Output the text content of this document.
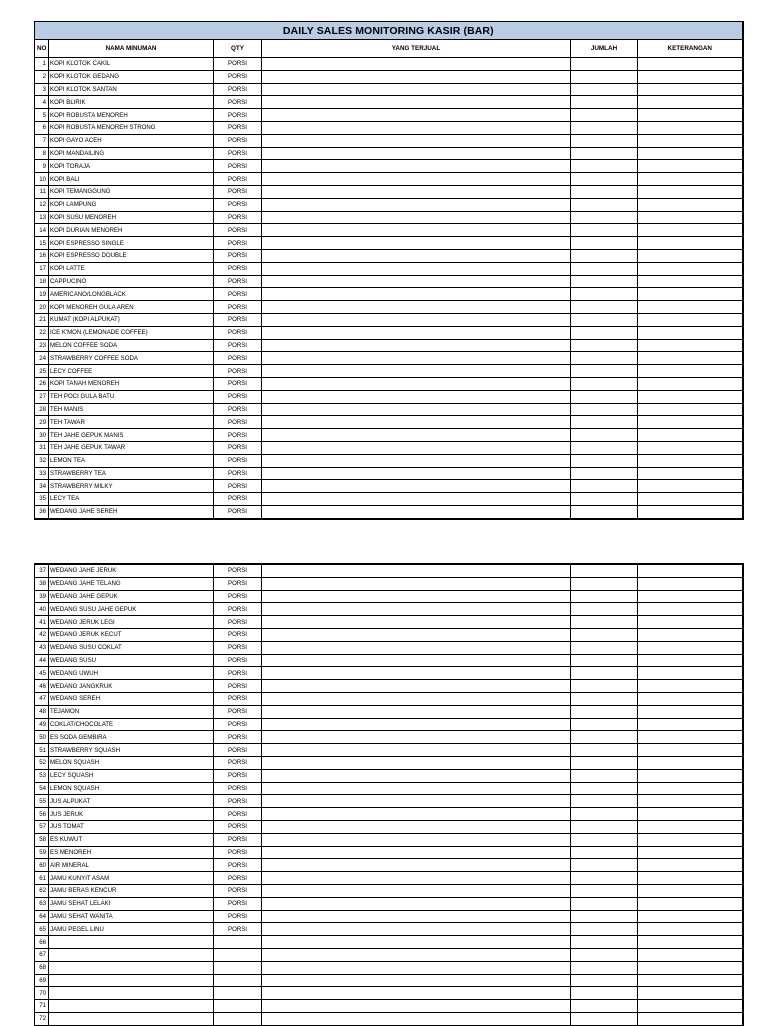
DAILY SALES MONITORING KASIR (BAR)					
NO	NAMA MINUMAN	QTY	YANG TERJUAL	JUMLAH	KETERANGAN
1	KOPI KLOTOK CAKIL	PORSI			
2	KOPI KLOTOK GEDANG	PORSI			
3	KOPI KLOTOK SANTAN	PORSI			
4	KOPI BLIRIK	PORSI			
5	KOPI ROBUSTA MENOREH	PORSI			
6	KOPI ROBUSTA MENOREH STRONG	PORSI			
7	KOPI GAYO ACEH	PORSI			
8	KOPI MANDAILING	PORSI			
9	KOPI TORAJA	PORSI			
10	KOPI BALI	PORSI			
11	KOPI TEMANGGUNG	PORSI			
12	KOPI LAMPUNG	PORSI			
13	KOPI SUSU MENOREH	PORSI			
14	KOPI DURIAN MENOREH	PORSI			
15	KOPI ESPRESSO SINGLE	PORSI			
16	KOPI ESPRESSO DOUBLE	PORSI			
17	KOPI LATTE	PORSI			
18	CAPPUCINO	PORSI			
19	AMERICANO/LONGBLACK	PORSI			
20	KOPI MENOREH GULA AREN	PORSI			
21	KUMAT (KOPI ALPUKAT)	PORSI			
22	ICE K'MON (LEMONADE COFFEE)	PORSI			
23	MELON COFFEE SODA	PORSI			
24	STRAWBERRY COFFEE SODA	PORSI			
25	LECY COFFEE	PORSI			
26	KOPI TANAH MENOREH	PORSI			
27	TEH POCI GULA BATU	PORSI			
28	TEH MANIS	PORSI			
29	TEH TAWAR	PORSI			
30	TEH JAHE GEPUK MANIS	PORSI			
31	TEH JAHE GEPUK TAWAR	PORSI			
32	LEMON TEA	PORSI			
33	STRAWBERRY TEA	PORSI			
34	STRAWBERRY MILKY	PORSI			
35	LECY TEA	PORSI			
36	WEDANG JAHE SEREH	PORSI			
37	WEDANG JAHE JERUK	PORSI			
38	WEDANG JAHE TELANG	PORSI			
39	WEDANG JAHE GEPUK	PORSI			
40	WEDANG SUSU JAHE GEPUK	PORSI			
41	WEDANG JERUK LEGI	PORSI			
42	WEDANG JERUK KECUT	PORSI			
43	WEDANG SUSU COKLAT	PORSI			
44	WEDANG SUSU	PORSI			
45	WEDANG UWUH	PORSI			
46	WEDANG JANGKRUK	PORSI			
47	WEDANG SEREH	PORSI			
48	TEJAMON	PORSI			
49	COKLAT/CHOCOLATE	PORSI			
50	ES SODA GEMBIRA	PORSI			
51	STRAWBERRY SQUASH	PORSI			
52	MELON SQUASH	PORSI			
53	LECY SQUASH	PORSI			
54	LEMON SQUASH	PORSI			
55	JUS ALPUKAT	PORSI			
56	JUS JERUK	PORSI			
57	JUS TOMAT	PORSI			
58	ES KUWUT	PORSI			
59	ES MENOREH	PORSI			
60	AIR MINERAL	PORSI			
61	JAMU KUNYIT ASAM	PORSI			
62	JAMU BERAS KENCUR	PORSI			
63	JAMU SEHAT LELAKI	PORSI			
64	JAMU SEHAT WANITA	PORSI			
65	JAMU PEGEL LINU	PORSI			
66					
67					
68					
69					
70					
71					
72					
